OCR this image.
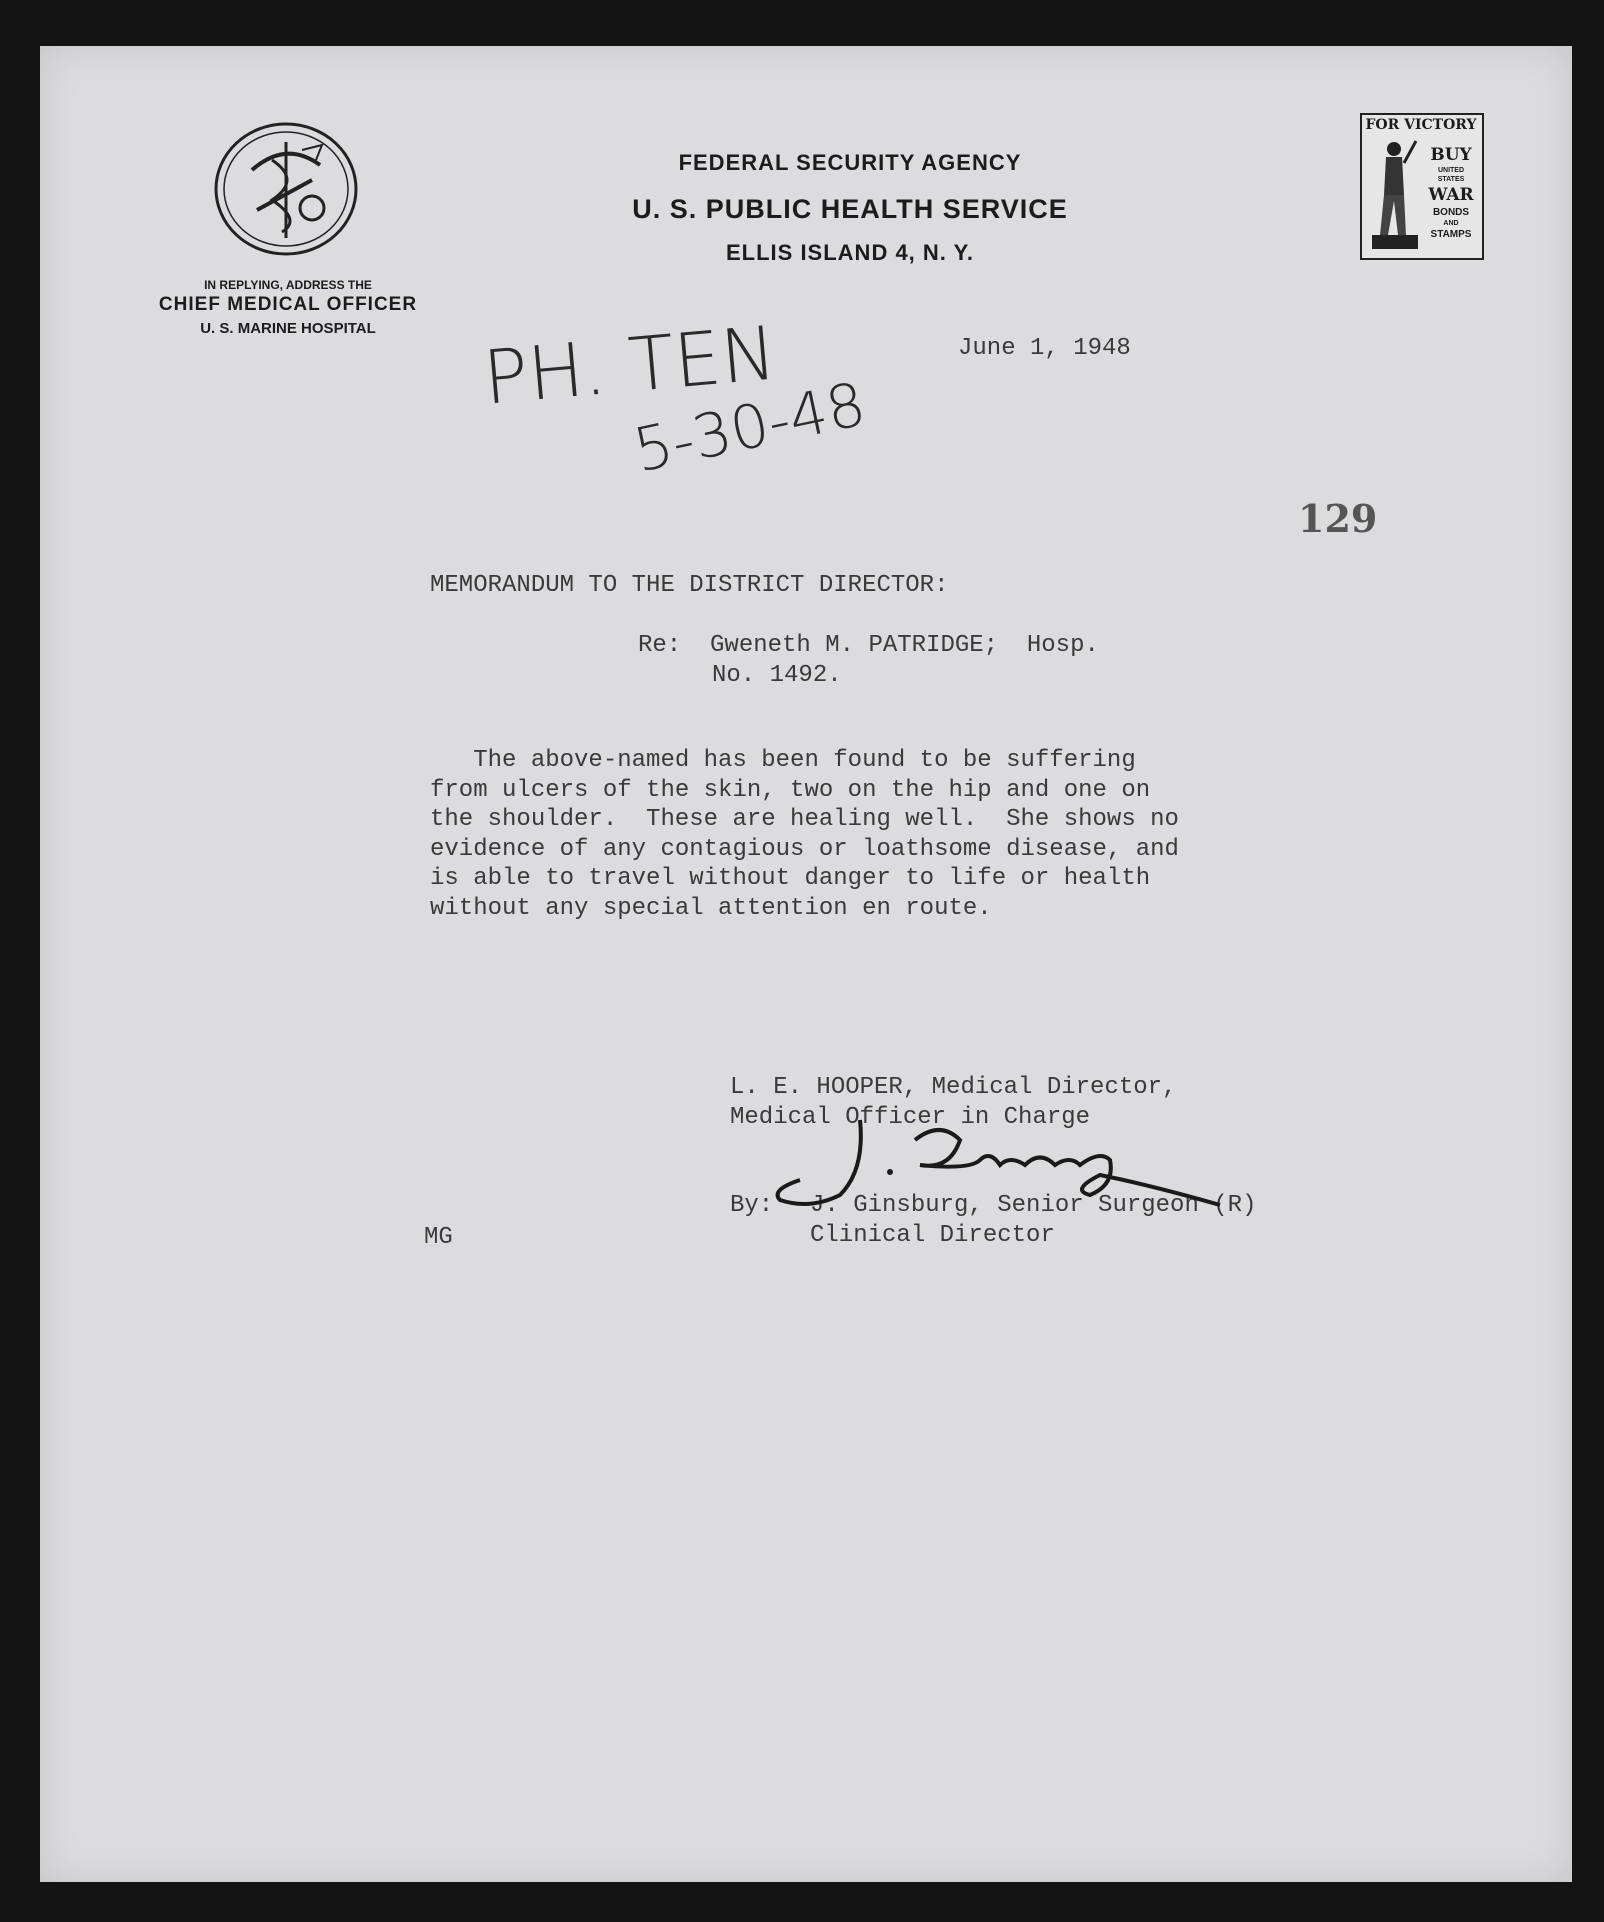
FEDERAL SECURITY AGENCY
U. S. PUBLIC HEALTH SERVICE
ELLIS ISLAND 4, N. Y.
IN REPLYING, ADDRESS THE
CHIEF MEDICAL OFFICER
U. S. MARINE HOSPITAL
FOR VICTORY
BUY
UNITED
STATES
WAR
BONDS
AND
STAMPS
PH. TEN
5-30-48
June 1, 1948
129
MEMORANDUM TO THE DISTRICT DIRECTOR:
Re:  Gweneth M. PATRIDGE;  Hosp.
No. 1492.
The above-named has been found to be suffering
from ulcers of the skin, two on the hip and one on
the shoulder.  These are healing well.  She shows no
evidence of any contagious or loathsome disease, and
is able to travel without danger to life or health
without any special attention en route.
L. E. HOOPER, Medical Director,
Medical Officer in Charge
By: J. Ginsburg, Senior Surgeon (R)
Clinical Director
MG
